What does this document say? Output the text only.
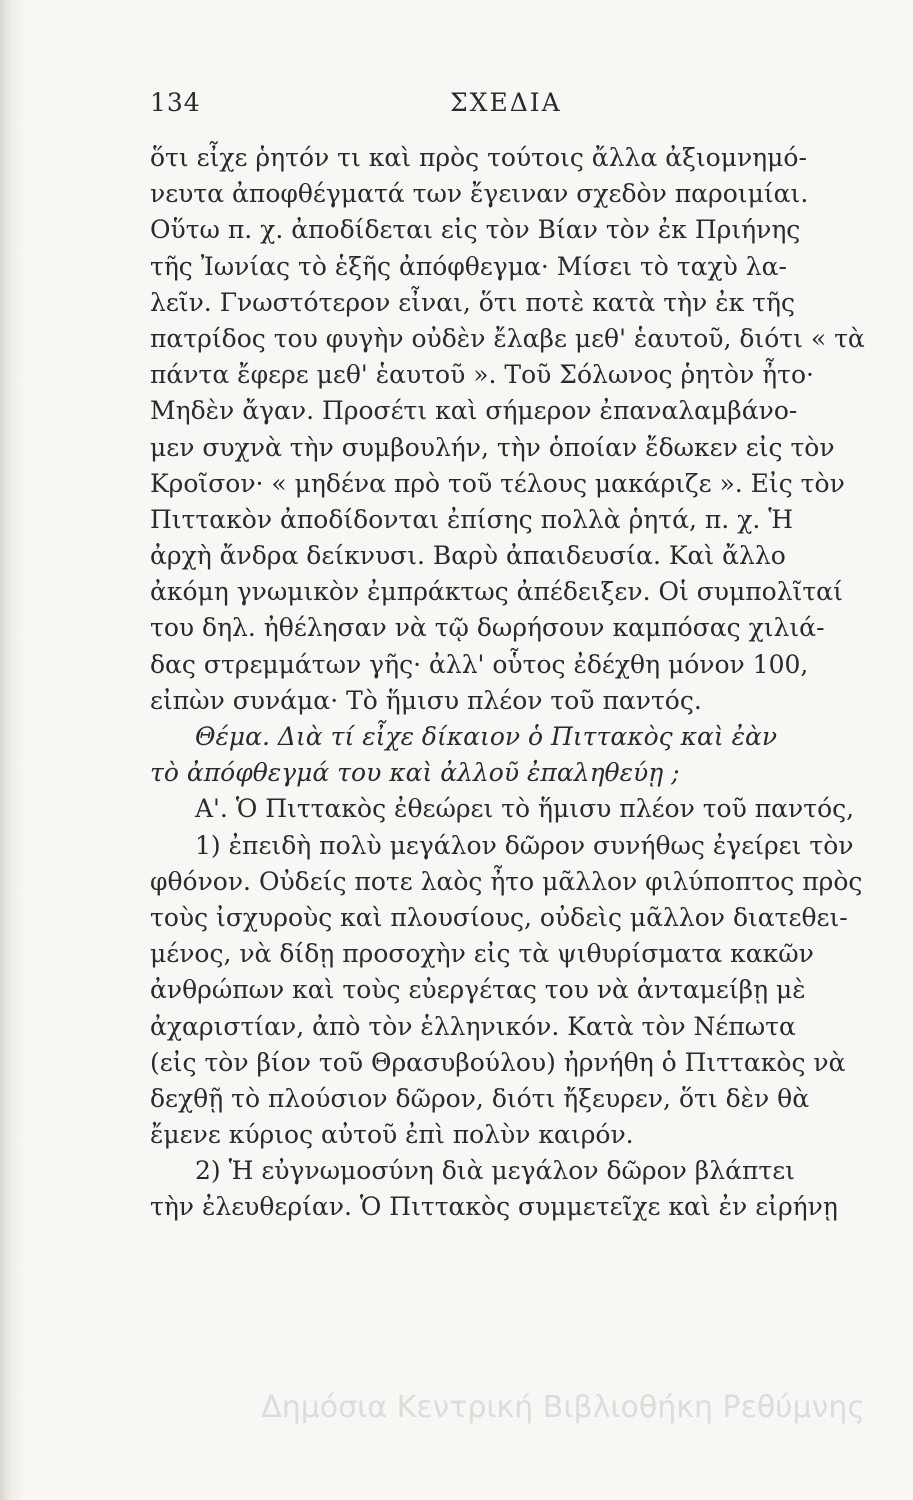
134	ΣΧΕΔΙΑ
ὅτι εἶχε ῥητόν τι καὶ πρὸς τούτοις ἄλλα ἀξιομνημό-
νευτα ἀποφθέγματά των ἔγειναν σχεδὸν παροιμίαι.
Οὕτω π. χ. ἀποδίδεται εἰς τὸν Βίαν τὸν ἐκ Πριήνης
τῆς Ἰωνίας τὸ ἑξῆς ἀπόφθεγμα· Μίσει τὸ ταχὺ λα-
λεῖν. Γνωστότερον εἶναι, ὅτι ποτὲ κατὰ τὴν ἐκ τῆς
πατρίδος του φυγὴν οὐδὲν ἔλαβε μεθ' ἑαυτοῦ, διότι « τὰ
πάντα ἔφερε μεθ' ἑαυτοῦ ». Τοῦ Σόλωνος ῥητὸν ἦτο·
Μηδὲν ἄγαν. Προσέτι καὶ σήμερον ἐπαναλαμβάνο-
μεν συχνὰ τὴν συμβουλήν, τὴν ὁποίαν ἔδωκεν εἰς τὸν
Κροῖσον· « μηδένα πρὸ τοῦ τέλους μακάριζε ». Εἰς τὸν
Πιττακὸν ἀποδίδονται ἐπίσης πολλὰ ῥητά, π. χ. Ἡ
ἀρχὴ ἄνδρα δείκνυσι. Βαρὺ ἀπαιδευσία. Καὶ ἄλλο
ἀκόμη γνωμικὸν ἐμπράκτως ἀπέδειξεν. Οἱ συμπολῖταί
του δηλ. ἠθέλησαν νὰ τῷ δωρήσουν καμπόσας χιλιά-
δας στρεμμάτων γῆς· ἀλλ' οὗτος ἐδέχθη μόνον 100,
εἰπὼν συνάμα· Τὸ ἥμισυ πλέον τοῦ παντός.
Θέμα. Διὰ τί εἶχε δίκαιον ὁ Πιττακὸς καὶ ἐὰν
τὸ ἀπόφθεγμά του καὶ ἀλλοῦ ἐπαληθεύῃ ;
Α'. Ὁ Πιττακὸς ἐθεώρει τὸ ἥμισυ πλέον τοῦ παντός,
1) ἐπειδὴ πολὺ μεγάλον δῶρον συνήθως ἐγείρει τὸν
φθόνον. Οὐδείς ποτε λαὸς ἦτο μᾶλλον φιλύποπτος πρὸς
τοὺς ἰσχυροὺς καὶ πλουσίους, οὐδεὶς μᾶλλον διατεθει-
μένος, νὰ δίδῃ προσοχὴν εἰς τὰ ψιθυρίσματα κακῶν
ἀνθρώπων καὶ τοὺς εὐεργέτας του νὰ ἀνταμείβῃ μὲ
ἀχαριστίαν, ἀπὸ τὸν ἑλληνικόν. Κατὰ τὸν Νέπωτα
(εἰς τὸν βίον τοῦ Θρασυβούλου) ἠρνήθη ὁ Πιττακὸς νὰ
δεχθῇ τὸ πλούσιον δῶρον, διότι ἤξευρεν, ὅτι δὲν θὰ
ἔμενε κύριος αὐτοῦ ἐπὶ πολὺν καιρόν.
2) Ἡ εὐγνωμοσύνη διὰ μεγάλον δῶρον βλάπτει
τὴν ἐλευθερίαν. Ὁ Πιττακὸς συμμετεῖχε καὶ ἐν εἰρήνῃ
Δημόσια Κεντρική Βιβλιοθήκη Ρεθύμνης
